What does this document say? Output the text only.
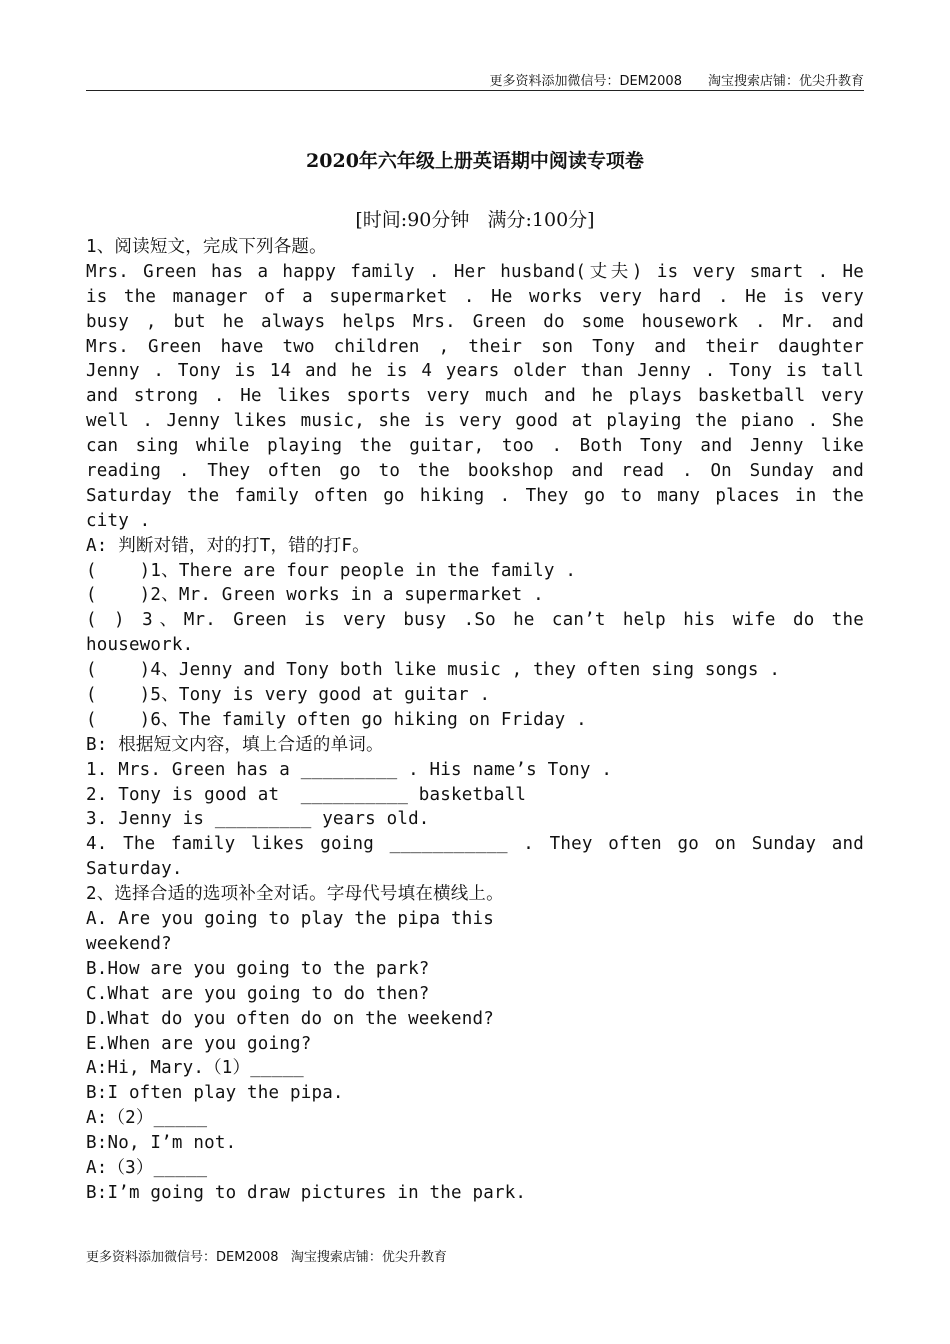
更多资料添加微信号：DEM2008 淘宝搜索店铺：优尖升教育
2020年六年级上册英语期中阅读专项卷
[时间:90分钟   满分:100分]
1、阅读短文，完成下列各题。
Mrs. Green has a happy family . Her husband(丈夫) is very smart . He
is the manager of a supermarket . He works very hard . He is very
busy , but he always helps Mrs. Green do some housework . Mr. and
Mrs. Green have two children , their son Tony and their daughter
Jenny . Tony is 14 and he is 4 years older than Jenny . Tony is tall
and strong . He likes sports very much and he plays basketball very
well . Jenny likes music, she is very good at playing the piano . She
can sing while playing the guitar, too . Both Tony and Jenny like
reading . They often go to the bookshop and read . On Sunday and
Saturday the family often go hiking . They go to many places in the
city .
A: 判断对错，对的打T，错的打F。
(    )1、There are four people in the family .
(    )2、Mr. Green works in a supermarket .
( ) 3、Mr. Green is very busy .So he can’t help his wife do the
housework.
(    )4、Jenny and Tony both like music , they often sing songs .
(    )5、Tony is very good at guitar .
(    )6、The family often go hiking on Friday .
B: 根据短文内容，填上合适的单词。
1. Mrs. Green has a _________ . His name’s Tony .
2. Tony is good at  __________ basketball
3. Jenny is _________ years old.
4. The family likes going ___________ . They often go on Sunday and
Saturday.
2、选择合适的选项补全对话。字母代号填在横线上。
A. Are you going to play the pipa this
weekend?
B.How are you going to the park?
C.What are you going to do then?
D.What do you often do on the weekend?
E.When are you going?
A:Hi, Mary.（1）_____
B:I often play the pipa.
A:（2）_____
B:No, I’m not.
A:（3）_____
B:I’m going to draw pictures in the park.
更多资料添加微信号：DEM2008   淘宝搜索店铺：优尖升教育
